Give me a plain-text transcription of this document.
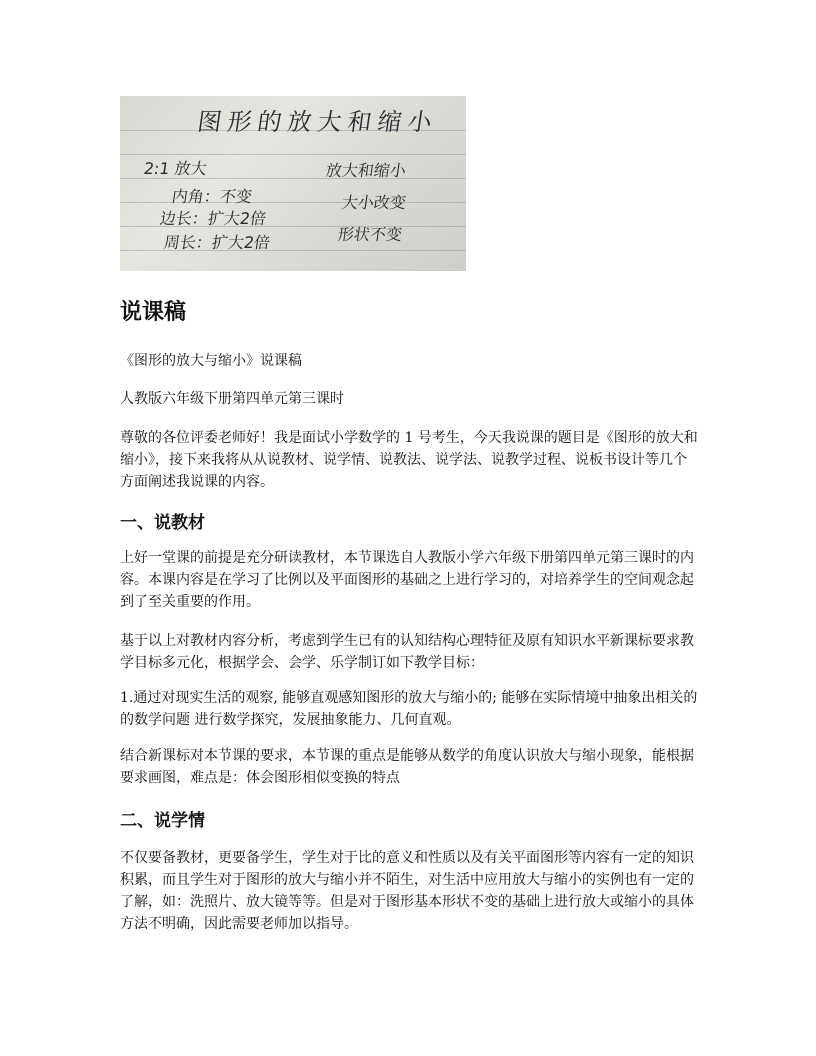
图形的放大和缩小
2:1 放大
内角：不变
边长：扩大2倍
周长：扩大2倍
放大和缩小
大小改变
形状不变
说课稿

《图形的放大与缩小》说课稿

人教版六年级下册第四单元第三课时

尊敬的各位评委老师好！我是面试小学数学的 1 号考生，今天我说课的题目是《图形的放大和缩小》，接下来我将从从说教材、说学情、说教法、说学法、说教学过程、说板书设计等几个方面阐述我说课的内容。

一、说教材

上好一堂课的前提是充分研读教材，本节课选自人教版小学六年级下册第四单元第三课时的内容。本课内容是在学习了比例以及平面图形的基础之上进行学习的，对培养学生的空间观念起到了至关重要的作用。

基于以上对教材内容分析，考虑到学生已有的认知结构心理特征及原有知识水平新课标要求教学目标多元化，根据学会、会学、乐学制订如下教学目标：

1.通过对现实生活的观察, 能够直观感知图形的放大与缩小的; 能够在实际情境中抽象出相关的的数学问题 进行数学探究，发展抽象能力、几何直观。

结合新课标对本节课的要求，本节课的重点是能够从数学的角度认识放大与缩小现象，能根据要求画图，难点是：体会图形相似变换的特点

二、说学情

不仅要备教材，更要备学生，学生对于比的意义和性质以及有关平面图形等内容有一定的知识积累，而且学生对于图形的放大与缩小并不陌生，对生活中应用放大与缩小的实例也有一定的了解，如：洗照片、放大镜等等。但是对于图形基本形状不变的基础上进行放大或缩小的具体方法不明确，因此需要老师加以指导。
